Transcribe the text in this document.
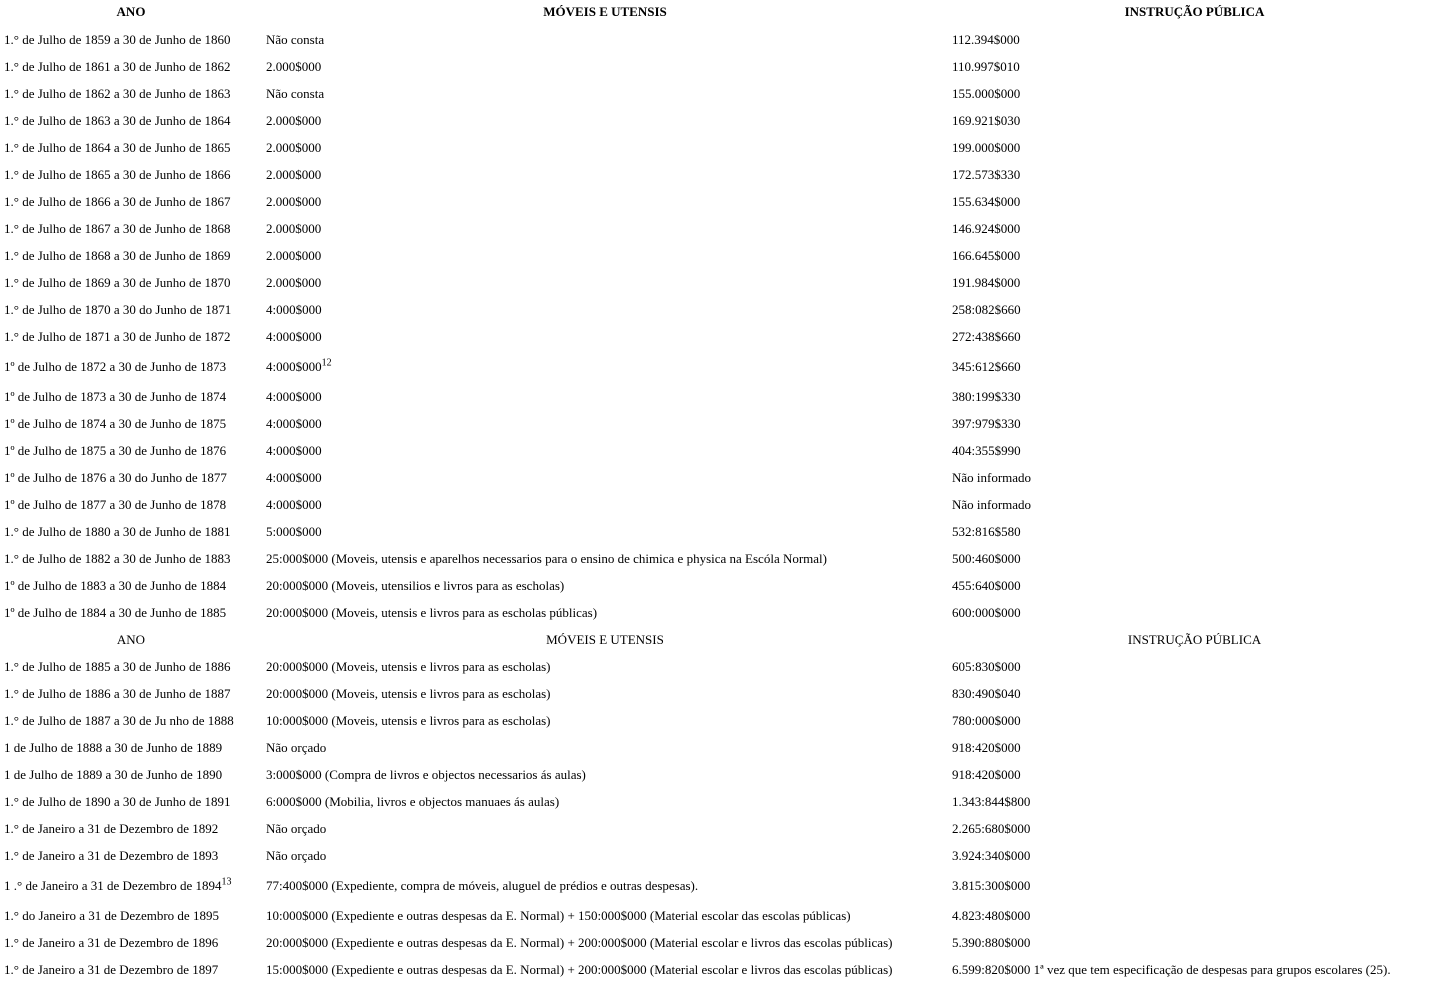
ANO	MÓVEIS E UTENSIS	INSTRUÇÃO PÚBLICA
1.° de Julho de 1859 a 30 de Junho de 1860	Não consta	112.394$000
1.° de Julho de 1861 a 30 de Junho de 1862	2.000$000	110.997$010
1.° de Julho de 1862 a 30 de Junho de 1863	Não consta	155.000$000
1.° de Julho de 1863 a 30 de Junho de 1864	2.000$000	169.921$030
1.° de Julho de 1864 a 30 de Junho de 1865	2.000$000	199.000$000
1.° de Julho de 1865 a 30 de Junho de 1866	2.000$000	172.573$330
1.° de Julho de 1866 a 30 de Junho de 1867	2.000$000	155.634$000
1.° de Julho de 1867 a 30 de Junho de 1868	2.000$000	146.924$000
1.° de Julho de 1868 a 30 de Junho de 1869	2.000$000	166.645$000
1.° de Julho de 1869 a 30 de Junho de 1870	2.000$000	191.984$000
1.° de Julho de 1870 a 30 do Junho de 1871	4:000$000	258:082$660
1.° de Julho de 1871 a 30 de Junho de 1872	4:000$000	272:438$660
1º de Julho de 1872 a 30 de Junho de 1873	$4:000\$000^{12}$	345:612$660
1º de Julho de 1873 a 30 de Junho de 1874	4:000$000	380:199$330
1º de Julho de 1874 a 30 de Junho de 1875	4:000$000	397:979$330
1º de Julho de 1875 a 30 de Junho de 1876	4:000$000	404:355$990
1º de Julho de 1876 a 30 do Junho de 1877	4:000$000	Não informado
1º de Julho de 1877 a 30 de Junho de 1878	4:000$000	Não informado
1.° de Julho de 1880 a 30 de Junho de 1881	5:000$000	532:816$580
1.° de Julho de 1882 a 30 de Junho de 1883	25:000$000 (Moveis, utensis e aparelhos necessarios para o ensino de chimica e physica na Escóla Normal)	500:460$000
1º de Julho de 1883 a 30 de Junho de 1884	20:000$000 (Moveis, utensilios e livros para as escholas)	455:640$000
1º de Julho de 1884 a 30 de Junho de 1885	20:000$000 (Moveis, utensis e livros para as escholas públicas)	600:000$000
ANO	MÓVEIS E UTENSIS	INSTRUÇÃO PÚBLICA
1.° de Julho de 1885 a 30 de Junho de 1886	20:000$000 (Moveis, utensis e livros para as escholas)	605:830$000
1.° de Julho de 1886 a 30 de Junho de 1887	20:000$000 (Moveis, utensis e livros para as escholas)	830:490$040
1.° de Julho de 1887 a 30 de Ju nho de 1888	10:000$000 (Moveis, utensis e livros para as escholas)	780:000$000
1 de Julho de 1888 a 30 de Junho de 1889	Não orçado	918:420$000
1 de Julho de 1889 a 30 de Junho de 1890	3:000$000 (Compra de livros e objectos necessarios ás aulas)	918:420$000
1.° de Julho de 1890 a 30 de Junho de 1891	6:000$000 (Mobilia, livros e objectos manuaes ás aulas)	1.343:844$800
1.° de Janeiro a 31 de Dezembro de 1892	Não orçado	2.265:680$000
1.° de Janeiro a 31 de Dezembro de 1893	Não orçado	3.924:340$000
1 .° de Janeiro a 31 de Dezembro de 1894$^{13}$	77:400$000 (Expediente, compra de móveis, aluguel de prédios e outras despesas).	3.815:300$000
1.° do Janeiro a 31 de Dezembro de 1895	10:000$000 (Expediente e outras despesas da E. Normal) + 150:000$000 (Material escolar das escolas públicas)	4.823:480$000
1.° de Janeiro a 31 de Dezembro de 1896	20:000$000 (Expediente e outras despesas da E. Normal) + 200:000$000 (Material escolar e livros das escolas públicas)	5.390:880$000
1.° de Janeiro a 31 de Dezembro de 1897	15:000$000 (Expediente e outras despesas da E. Normal) + 200:000$000 (Material escolar e livros das escolas públicas)	6.599:820$000 1ª vez que tem especificação de despesas para grupos escolares (25).
